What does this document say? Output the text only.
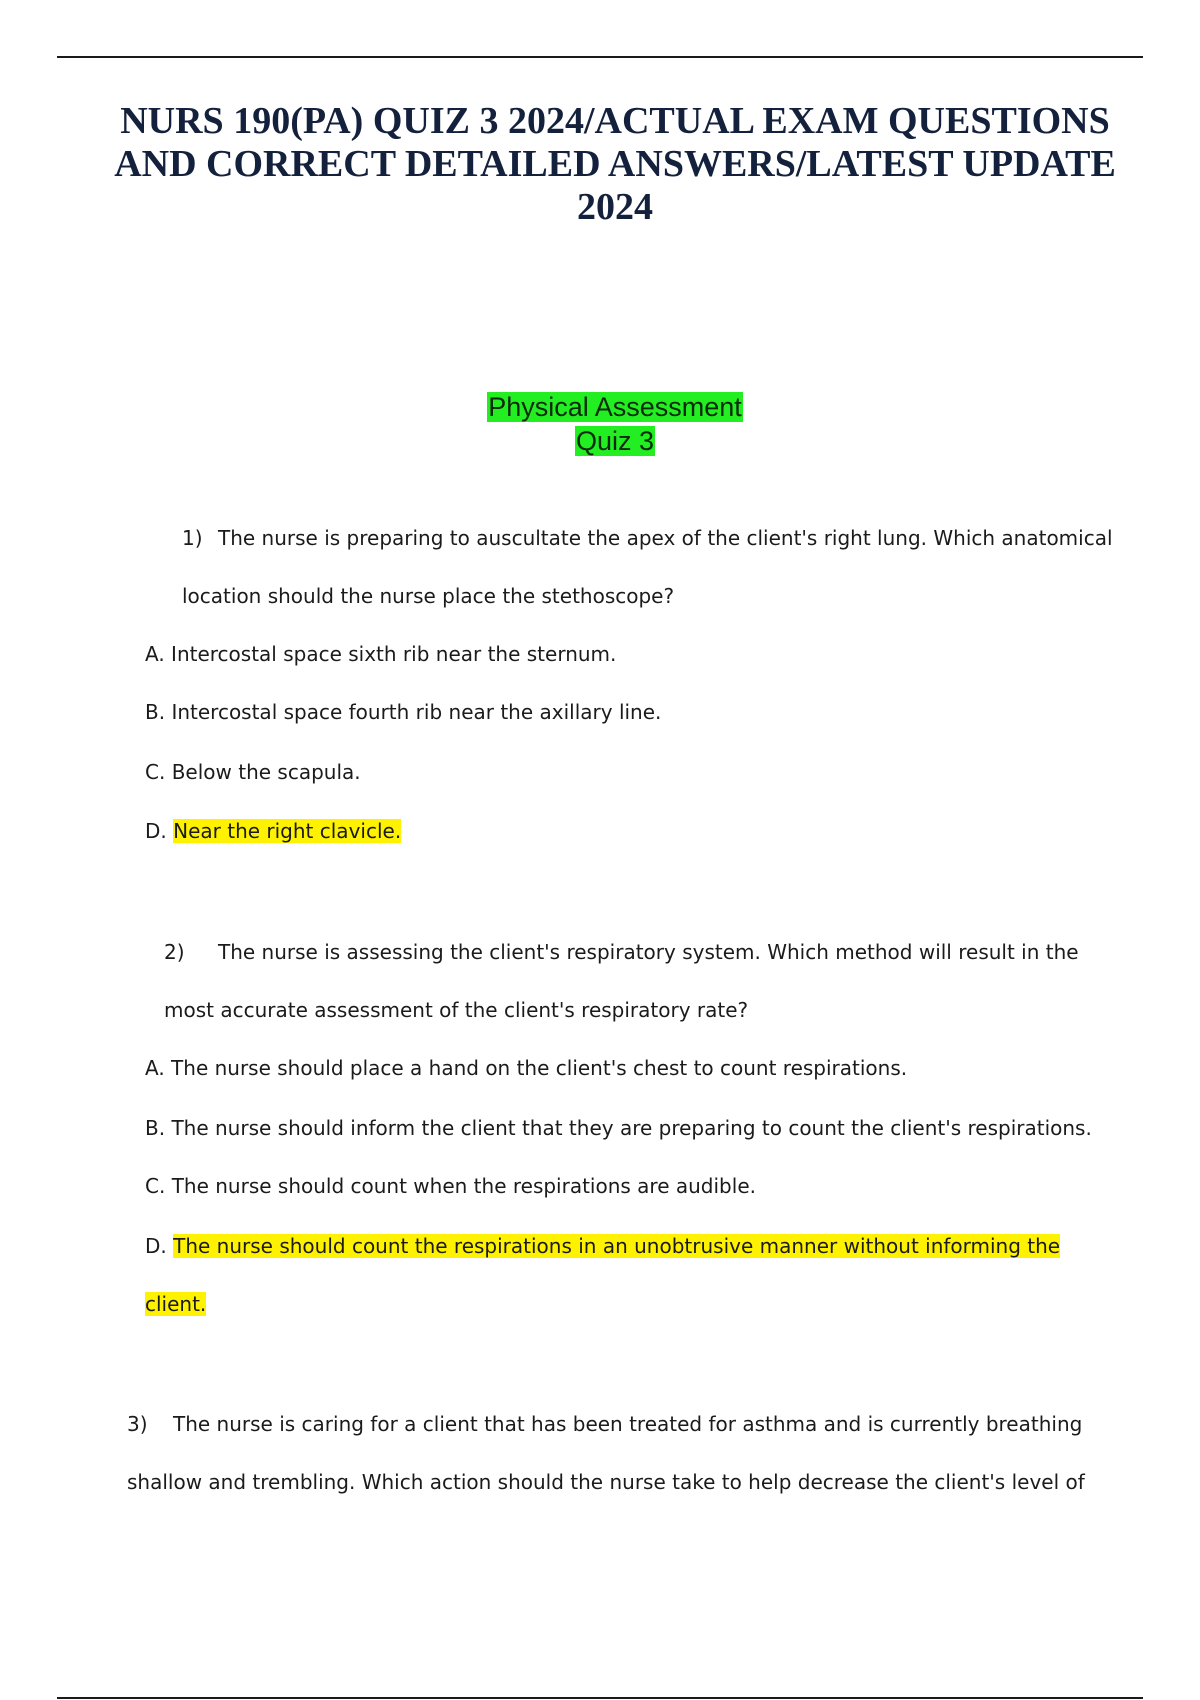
NURS 190(PA) QUIZ 3 2024/ACTUAL EXAM QUESTIONS AND CORRECT DETAILED ANSWERS/LATEST UPDATE 2024
Physical Assessment
Quiz 3
1) The nurse is preparing to auscultate the apex of the client's right lung. Which anatomical
location should the nurse place the stethoscope?
A. Intercostal space sixth rib near the sternum.
B. Intercostal space fourth rib near the axillary line.
C. Below the scapula.
D. Near the right clavicle.
2) The nurse is assessing the client's respiratory system. Which method will result in the
most accurate assessment of the client's respiratory rate?
A. The nurse should place a hand on the client's chest to count respirations.
B. The nurse should inform the client that they are preparing to count the client's respirations.
C. The nurse should count when the respirations are audible.
D. The nurse should count the respirations in an unobtrusive manner without informing the
client.
3) The nurse is caring for a client that has been treated for asthma and is currently breathing
shallow and trembling. Which action should the nurse take to help decrease the client's level of
